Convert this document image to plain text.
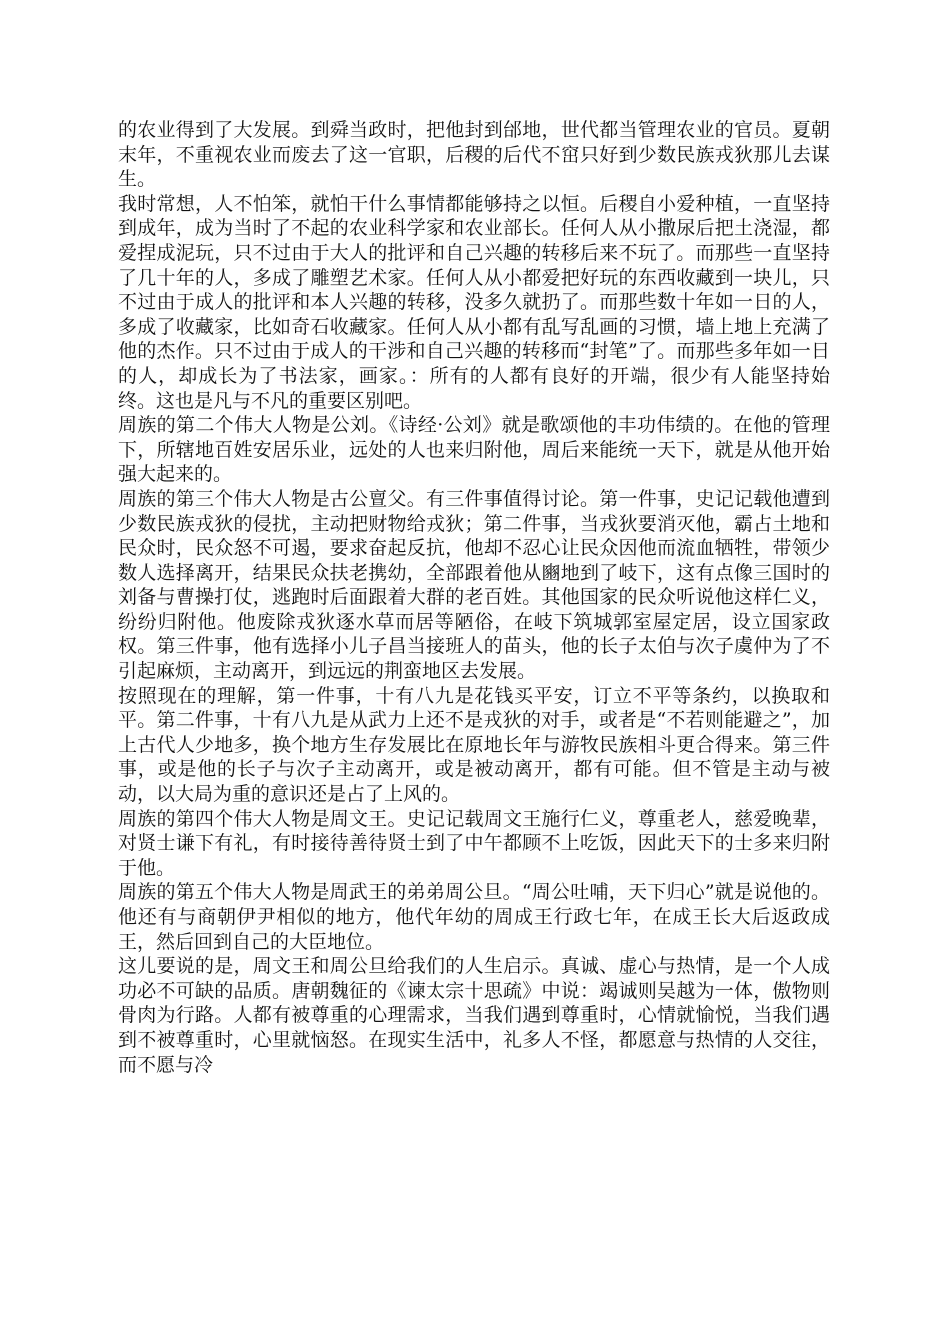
的农业得到了大发展。到舜当政时，把他封到邰地，世代都当管理农业的官员。夏朝末年，不重视农业而废去了这一官职，后稷的后代不窋只好到少数民族戎狄那儿去谋生。

我时常想，人不怕笨，就怕干什么事情都能够持之以恒。后稷自小爱种植，一直坚持到成年，成为当时了不起的农业科学家和农业部长。任何人从小撒尿后把土浇湿，都爱捏成泥玩，只不过由于大人的批评和自己兴趣的转移后来不玩了。而那些一直坚持了几十年的人，多成了雕塑艺术家。任何人从小都爱把好玩的东西收藏到一块儿，只不过由于成人的批评和本人兴趣的转移，没多久就扔了。而那些数十年如一日的人，多成了收藏家，比如奇石收藏家。任何人从小都有乱写乱画的习惯，墙上地上充满了他的杰作。只不过由于成人的干涉和自己兴趣的转移而“封笔”了。而那些多年如一日的人，却成长为了书法家，画家。：所有的人都有良好的开端，很少有人能坚持始终。这也是凡与不凡的重要区别吧。

周族的第二个伟大人物是公刘。《诗经·公刘》就是歌颂他的丰功伟绩的。在他的管理下，所辖地百姓安居乐业，远处的人也来归附他，周后来能统一天下，就是从他开始强大起来的。

周族的第三个伟大人物是古公亶父。有三件事值得讨论。第一件事，史记记载他遭到少数民族戎狄的侵扰，主动把财物给戎狄；第二件事，当戎狄要消灭他，霸占土地和民众时，民众怒不可遏，要求奋起反抗，他却不忍心让民众因他而流血牺牲，带领少数人选择离开，结果民众扶老携幼，全部跟着他从豳地到了岐下，这有点像三国时的刘备与曹操打仗，逃跑时后面跟着大群的老百姓。其他国家的民众听说他这样仁义，纷纷归附他。他废除戎狄逐水草而居等陋俗，在岐下筑城郭室屋定居，设立国家政权。第三件事，他有选择小儿子昌当接班人的苗头，他的长子太伯与次子虞仲为了不引起麻烦，主动离开，到远远的荆蛮地区去发展。

按照现在的理解，第一件事，十有八九是花钱买平安，订立不平等条约，以换取和平。第二件事，十有八九是从武力上还不是戎狄的对手，或者是“不若则能避之”，加上古代人少地多，换个地方生存发展比在原地长年与游牧民族相斗更合得来。第三件事，或是他的长子与次子主动离开，或是被动离开，都有可能。但不管是主动与被动，以大局为重的意识还是占了上风的。

周族的第四个伟大人物是周文王。史记记载周文王施行仁义，尊重老人，慈爱晚辈，对贤士谦下有礼，有时接待善待贤士到了中午都顾不上吃饭，因此天下的士多来归附于他。

周族的第五个伟大人物是周武王的弟弟周公旦。“周公吐哺，天下归心”就是说他的。他还有与商朝伊尹相似的地方，他代年幼的周成王行政七年，在成王长大后返政成王，然后回到自己的大臣地位。

这儿要说的是，周文王和周公旦给我们的人生启示。真诚、虚心与热情，是一个人成功必不可缺的品质。唐朝魏征的《谏太宗十思疏》中说：竭诚则吴越为一体，傲物则骨肉为行路。人都有被尊重的心理需求，当我们遇到尊重时，心情就愉悦，当我们遇到不被尊重时，心里就恼怒。在现实生活中，礼多人不怪，都愿意与热情的人交往，而不愿与冷
